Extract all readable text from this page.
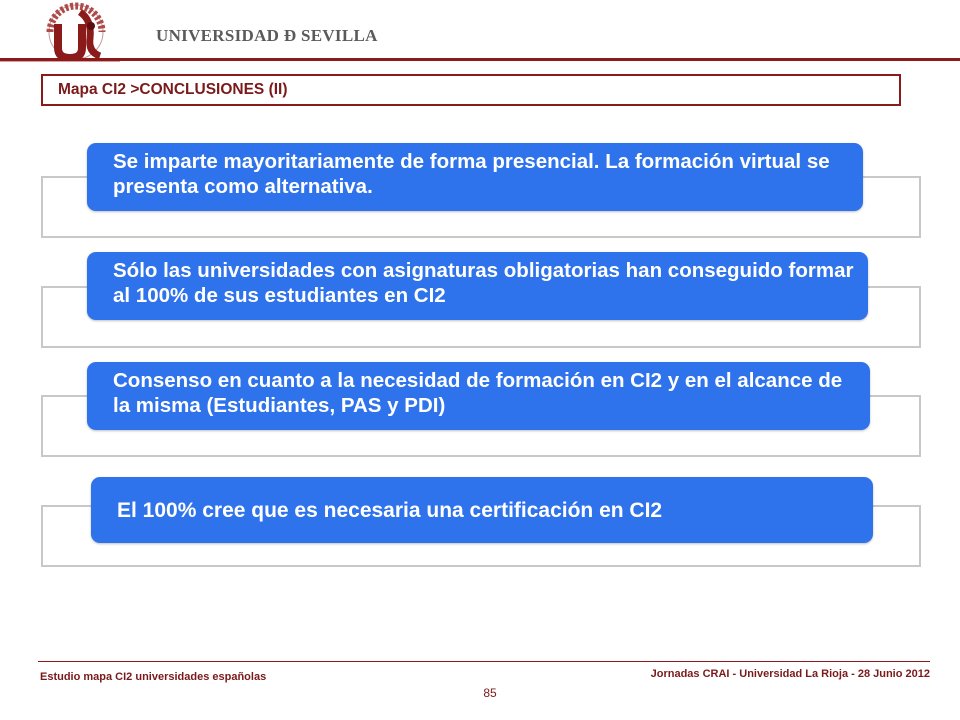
UNIVERSIDAD Ð SEVILLA
Mapa CI2 >CONCLUSIONES (II)
Se imparte mayoritariamente de forma presencial. La formación virtual se presenta como alternativa.
Sólo las universidades con asignaturas obligatorias han conseguido formar al 100% de sus estudiantes en CI2
Consenso en cuanto a la necesidad de formación en CI2 y en el alcance de la misma (Estudiantes, PAS y PDI)
El 100% cree que es necesaria una certificación en CI2
Estudio mapa CI2 universidades españolas	Jornadas CRAI - Universidad La Rioja - 28 Junio 2012
85
